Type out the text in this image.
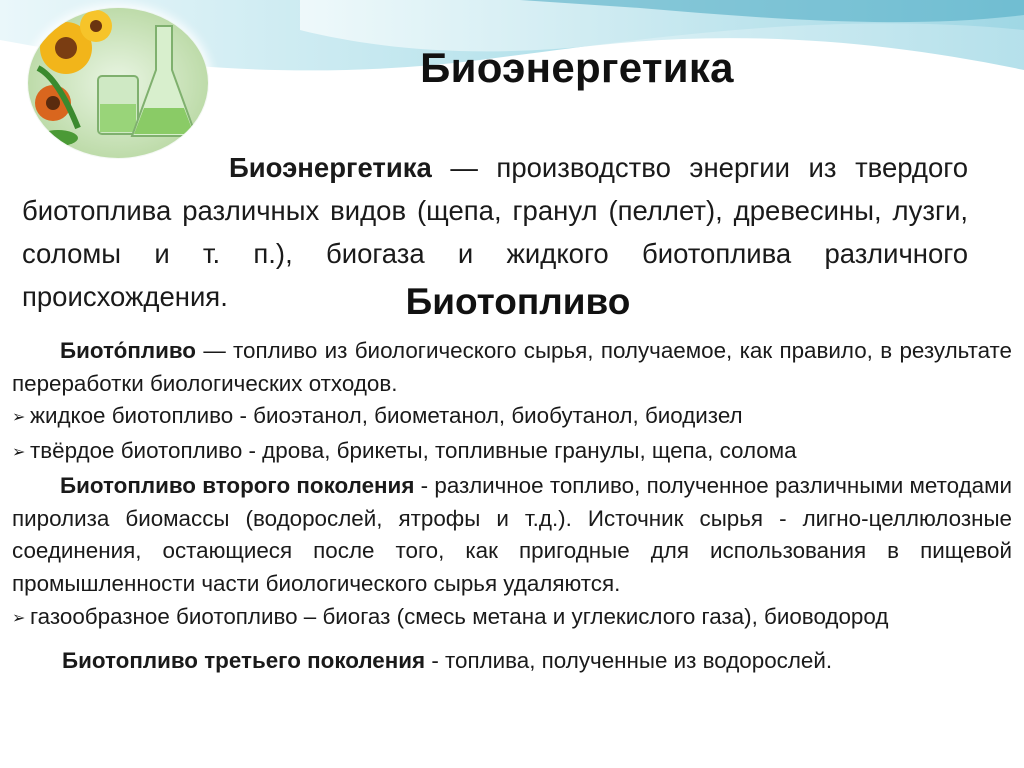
Биоэнергетика

Биоэнергетика — производство энергии из твердого биотоплива различных видов (щепа, гранул (пеллет), древесины, лузги, соломы и т. п.), биогаза и жидкого биотоплива различного происхождения.	Биотопливо

Биото́пливо — топливо из биологического сырья, получаемое, как правило, в результате переработки биологических отходов.

➢ жидкое биотопливо - биоэтанол, биометанол, биобутанол, биодизел
➢ твёрдое биотопливо - дрова, брикеты, топливные гранулы, щепа, солома

Биотопливо второго поколения - различное топливо, полученное различными методами пиролиза биомассы (водорослей, ятрофы и т.д.). Источник сырья - лигно-целлюлозные соединения, остающиеся после того, как пригодные для использования в пищевой промышленности части биологического сырья удаляются.

➢ газообразное биотопливо – биогаз (смесь метана и углекислого газа), биоводород

Биотопливо третьего поколения - топлива, полученные из водорослей.
